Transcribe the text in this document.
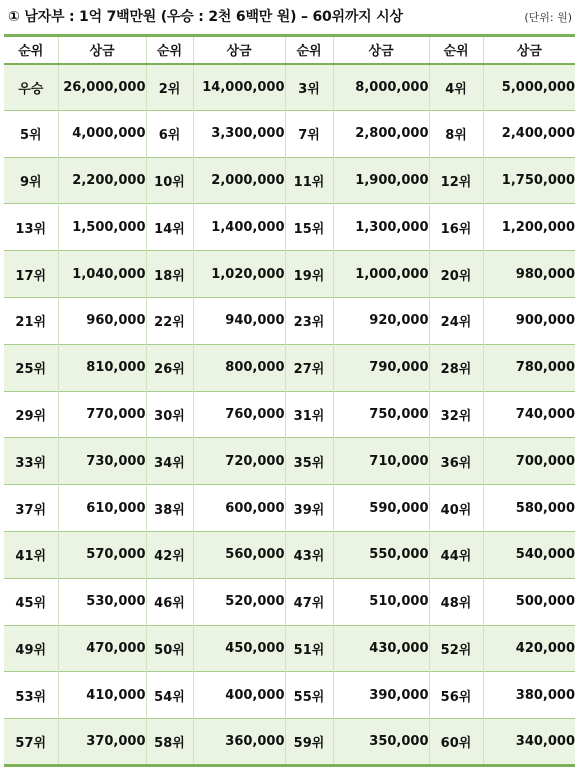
① 남자부 : 1억 7백만원 (우승 : 2천 6백만 원) – 60위까지 시상	(단위: 원)
순위	상금	순위	상금	순위	상금	순위	상금
우승	26,000,000	2위	14,000,000	3위	8,000,000	4위	5,000,000
5위	4,000,000	6위	3,300,000	7위	2,800,000	8위	2,400,000
9위	2,200,000	10위	2,000,000	11위	1,900,000	12위	1,750,000
13위	1,500,000	14위	1,400,000	15위	1,300,000	16위	1,200,000
17위	1,040,000	18위	1,020,000	19위	1,000,000	20위	980,000
21위	960,000	22위	940,000	23위	920,000	24위	900,000
25위	810,000	26위	800,000	27위	790,000	28위	780,000
29위	770,000	30위	760,000	31위	750,000	32위	740,000
33위	730,000	34위	720,000	35위	710,000	36위	700,000
37위	610,000	38위	600,000	39위	590,000	40위	580,000
41위	570,000	42위	560,000	43위	550,000	44위	540,000
45위	530,000	46위	520,000	47위	510,000	48위	500,000
49위	470,000	50위	450,000	51위	430,000	52위	420,000
53위	410,000	54위	400,000	55위	390,000	56위	380,000
57위	370,000	58위	360,000	59위	350,000	60위	340,000
